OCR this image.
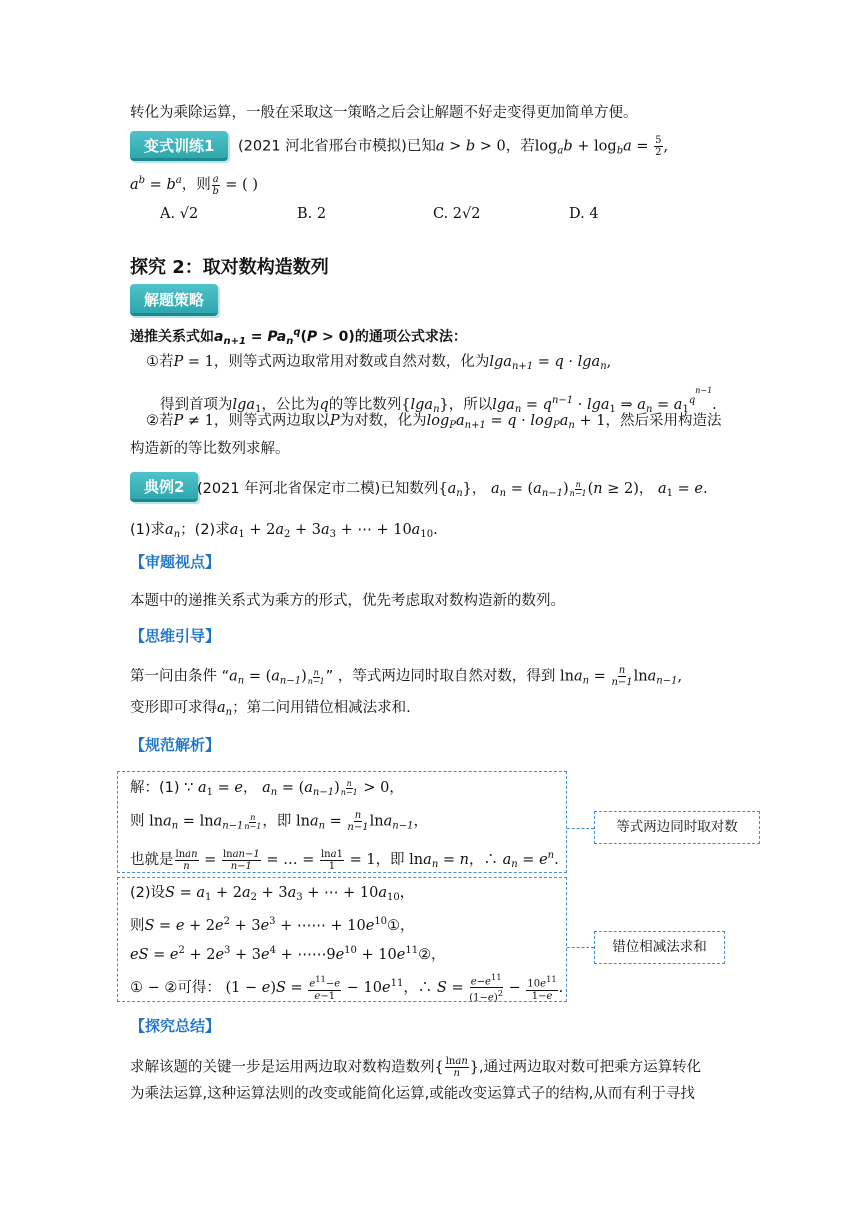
转化为乘除运算，一般在采取这一策略之后会让解题不好走变得更加简单方便。
变式训练1	(2021 河北省邢台市模拟)已知a > b > 0，若$\log_ab + \log_ba = \frac{5}{2}$ ,
$a^b = b^a$，则 $\frac{a}{b}$ = ( )
A. √2	B. 2	C. 2√2	D. 4
探究 2：取对数构造数列
解题策略
递推关系式如$a_{n+1} = Pa_n^q(P > 0)$的通项公式求法：
①若P = 1，则等式两边取常用对数或自然对数，化为lga$_{n+1}$ = q · lga$_n$,
得到首项为lga$_1$，公比为q的等比数列{lga$_n$}，所以$\lg a_n = q^{n-1} \cdot \lg a_1$ ⇒ $a_n = a_1^{q^{n-1}}$.
②若P ≠ 1，则等式两边取以P为对数，化为$\log_Pa_{n+1} = q \cdot \log_Pa_n + 1$，然后采用构造法
构造新的等比数列求解。
典例2 (2021 年河北省保定市二模)已知数列$\{a_n\}$， $a_n = (a_{n-1}) \frac{n}{n-1} (n \ge 2)$， $a_1 = e$.
(1)求$a_n$；(2)求$a_1 + 2a_2 + 3a_3$ + ⋯ + $10a_{10}$.
【审题视点】
本题中的递推关系式为乘方的形式，优先考虑取对数构造新的数列。
【思维引导】
第一问由条件 “$a_n = (a_{n-1}) \frac{n}{n-1}$ ” ，等式两边同时取自然对数，得到 $\ln a_n = \frac{n}{n-1} \ln a_{n-1}$,
变形即可求得$a_n$；第二问用错位相减法求和.
【规范解析】
解：(1) ∵ $a_1 = e$， $a_n = (a_{n-1}) \frac{n}{n-1} > 0$，
则 $\ln a_n = \ln a_{n-1} \frac{n}{n-1}$ ，即 $\ln a_n = \frac{n}{n-1} \ln a_{n-1}$，
也就是 $\frac{\text{lnan}}{n} = \frac{\text{lnan−1}}{n-1}$ = … = $\frac{\ln a1}{1} = 1$，即 lna$_n$ = n，∴ $a_n = e^n$.
(2)设$S = a_1 + 2a_2 + 3a_3$ + ⋯ + $10a_{10}$，
则$S = e + 2e^2 + 3e^3$ + ⋯⋯ + $10e^{10}①$，
eS = $e^2 + 2e^3 + 3e^4$ + $\cdots\cdots 9e^{10}$ + $10e^{11}②$，
① − ②可得： $(1 - e)S = \frac{e^{11}-e}{e-1} - 10e^{11}$，∴ $S = \frac{e-e^{11}}{(1-e)^2} - \frac{10e^{11}}{1-e}$ .
等式两边同时取对数
错位相减法求和
【探究总结】
求解该题的关键一步是运用两边取对数构造数列{ $\frac{\text{lnan}}{n}$ },通过两边取对数可把乘方运算转化
为乘法运算,这种运算法则的改变或能简化运算,或能改变运算式子的结构,从而有利于寻找
